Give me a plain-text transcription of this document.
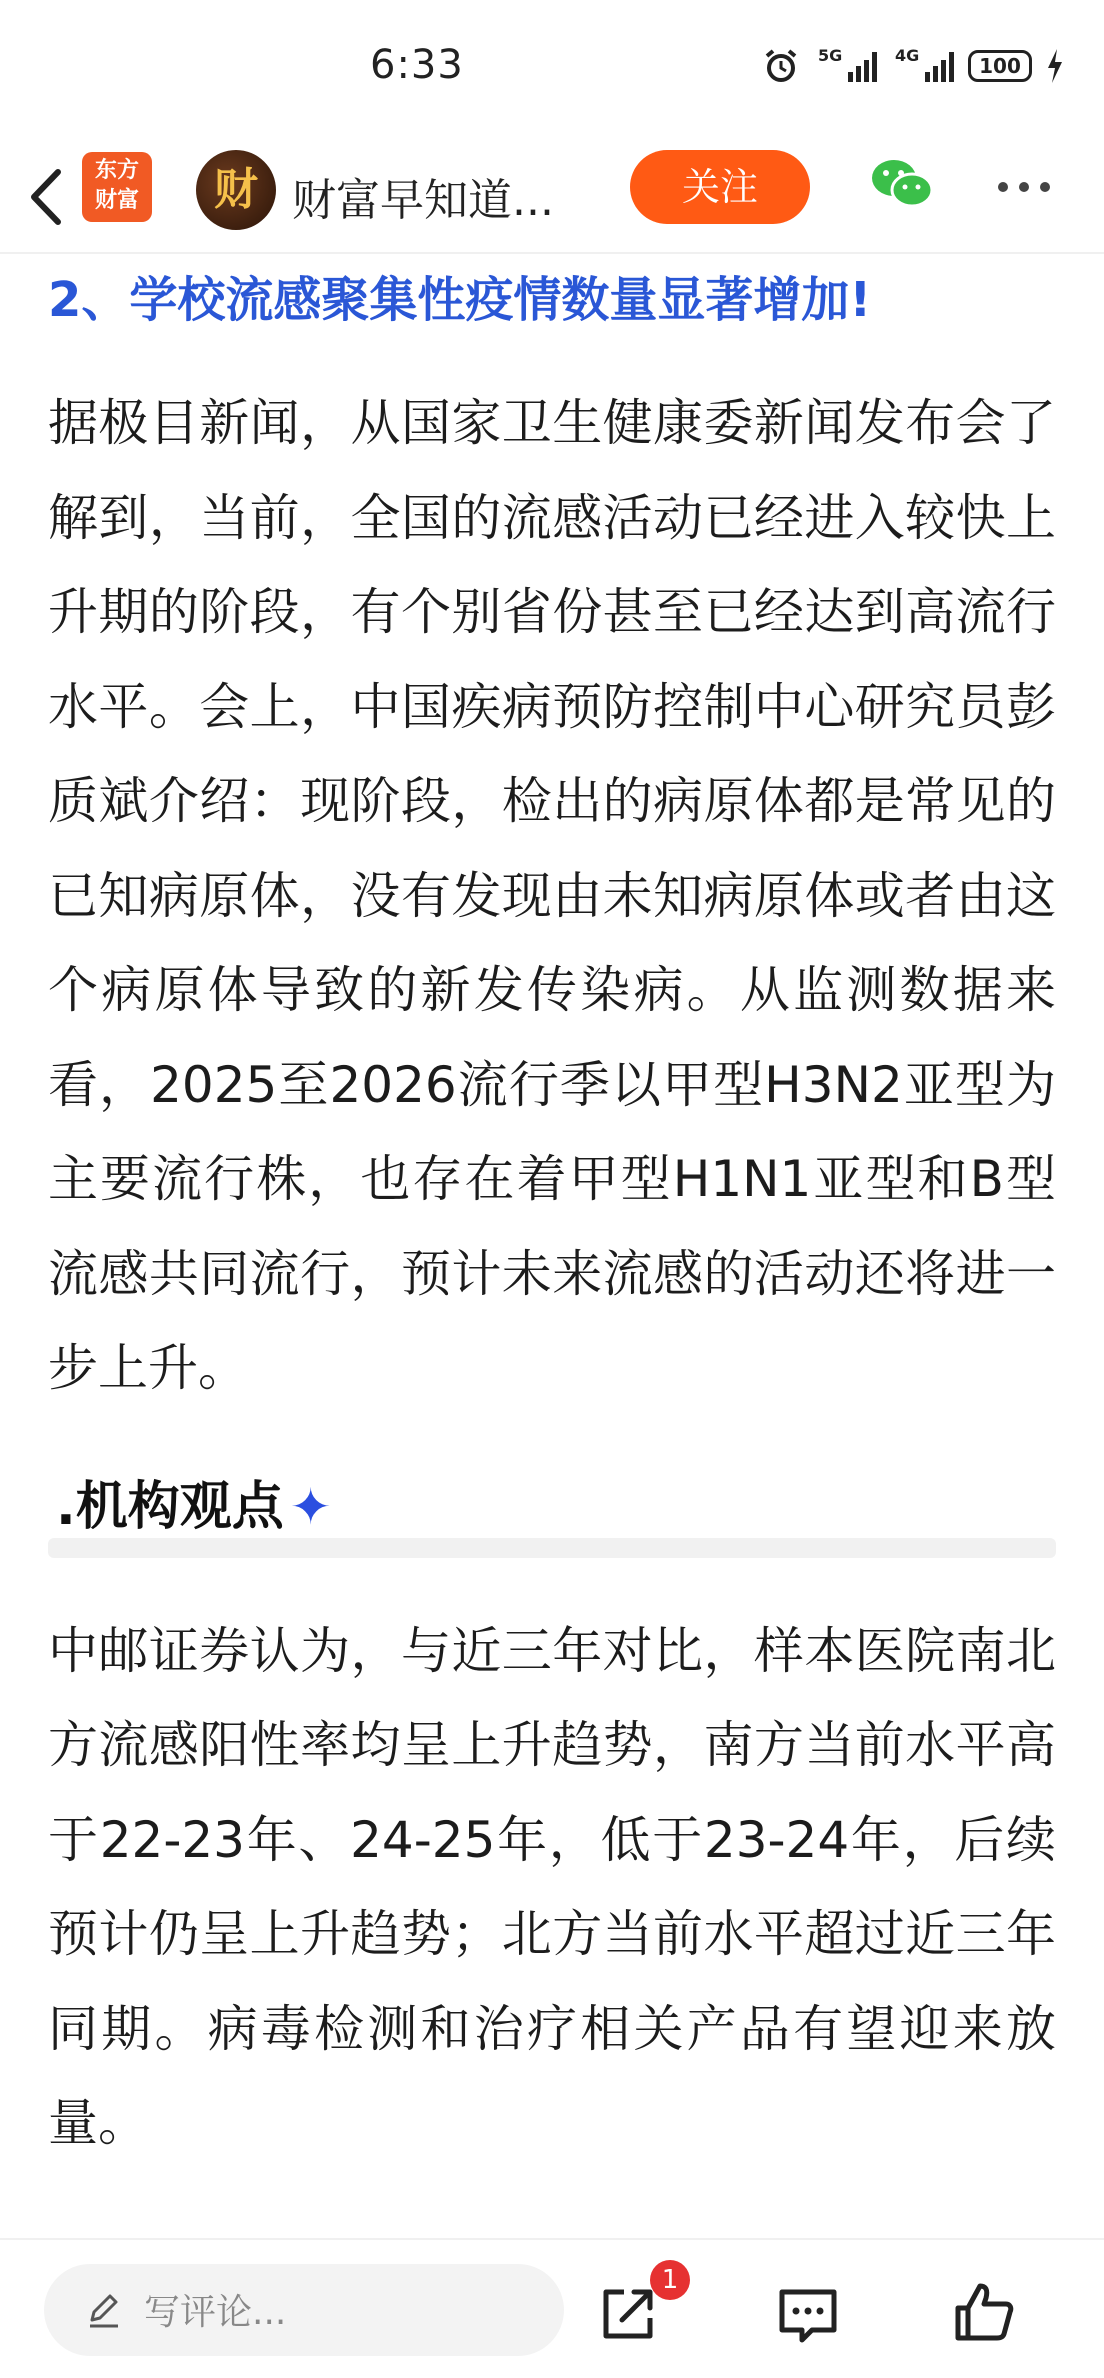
6:33	5G	4G	100
东方
财富	财 财富早知道...	关注
2、学校流感聚集性疫情数量显著增加!

据极目新闻，从国家卫生健康委新闻发布会了解到，当前，全国的流感活动已经进入较快上升期的阶段，有个别省份甚至已经达到高流行水平。会上，中国疾病预防控制中心研究员彭质斌介绍：现阶段，检出的病原体都是常见的已知病原体，没有发现由未知病原体或者由这个病原体导致的新发传染病。从监测数据来看，2025至2026流行季以甲型H3N2亚型为主要流行株，也存在着甲型H1N1亚型和B型流感共同流行，预计未来流感的活动还将进一步上升。

.机构观点 ✦

中邮证券认为，与近三年对比，样本医院南北方流感阳性率均呈上升趋势，南方当前水平高于22-23年、24-25年，低于23-24年，后续预计仍呈上升趋势；北方当前水平超过近三年同期。病毒检测和治疗相关产品有望迎来放量。

写评论...
1
